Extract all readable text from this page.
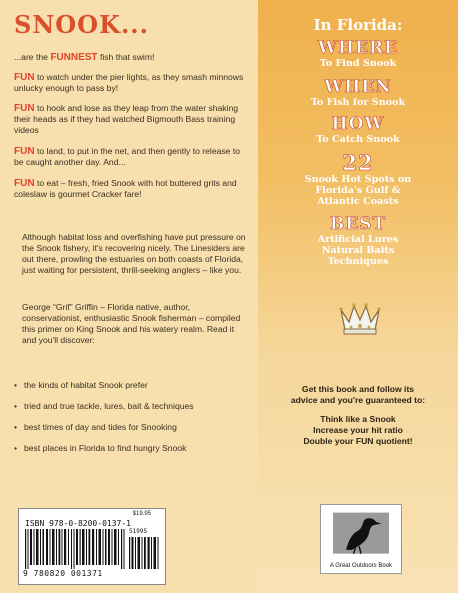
SNOOK...
...are the FUNNEST fish that swim!
FUN to watch under the pier lights, as they smash minnows unlucky enough to pass by!
FUN to hook and lose as they leap from the water shaking their heads as if they had watched Bigmouth Bass training videos
FUN to land, to put in the net, and then gently to release to be caught another day. And...
FUN to eat – fresh, fried Snook with hot buttered grits and coleslaw is gourmet Cracker fare!
Although habitat loss and overfishing have put pressure on the Snook fishery, it's recovering nicely. The Linesiders are out there, prowling the estuaries on both coasts of Florida, just waiting for persistent, thrill-seeking anglers – like you.
George “Grif” Griffin – Florida native, author, conservationist, enthusiastic Snook fisherman – compiled this primer on King Snook and his watery realm. Read it and you'll discover:
• the kinds of habitat Snook prefer
• tried and true tackle, lures, bait & techniques
• best times of day and tides for Snooking
• best places in Florida to find hungry Snook
$19.95
ISBN 978-0-8200-0137-1
51995
9 780820 001371
In Florida:
WHERE
To Find Snook
WHEN
To Fish for Snook
HOW
To Catch Snook
22
Snook Hot Spots on
Florida's Gulf &
Atlantic Coasts
BEST
Artificial Lures
Natural Baits
Techniques
Get this book and follow its
advice and you're guaranteed to:
Think like a Snook
Increase your hit ratio
Double your FUN quotient!
A Great Outdoors Book
